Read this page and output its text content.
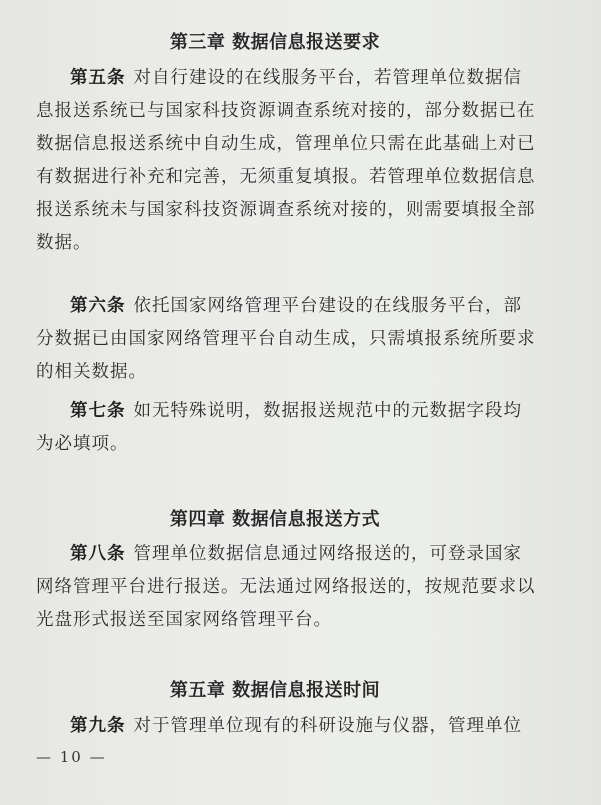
第三章 数据信息报送要求

第五条 对自行建设的在线服务平台，若管理单位数据信息报送系统已与国家科技资源调查系统对接的，部分数据已在数据信息报送系统中自动生成，管理单位只需在此基础上对已有数据进行补充和完善，无须重复填报。若管理单位数据信息报送系统未与国家科技资源调查系统对接的，则需要填报全部数据。

第六条 依托国家网络管理平台建设的在线服务平台，部分数据已由国家网络管理平台自动生成，只需填报系统所要求的相关数据。

第七条 如无特殊说明，数据报送规范中的元数据字段均为必填项。

第四章 数据信息报送方式

第八条 管理单位数据信息通过网络报送的，可登录国家网络管理平台进行报送。无法通过网络报送的，按规范要求以光盘形式报送至国家网络管理平台。

第五章 数据信息报送时间

第九条 对于管理单位现有的科研设施与仪器，管理单位

— 10 —
